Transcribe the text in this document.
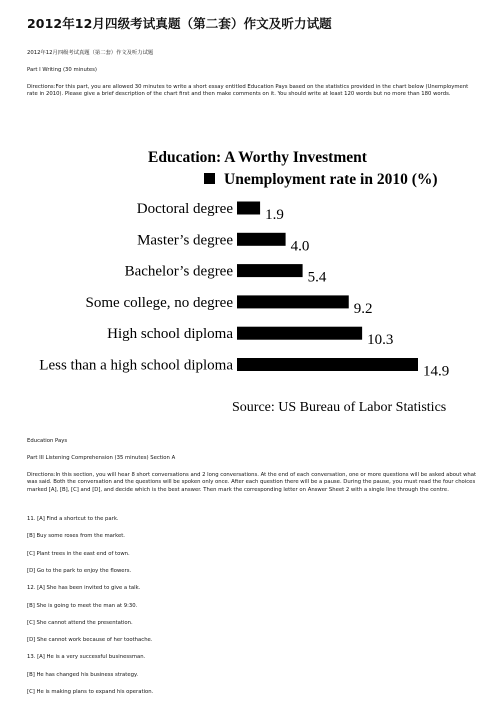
2012年12月四级考试真题（第二套）作文及听力试题

2012年12月四级考试真题（第二套）作文及听力试题

Part I Writing (30 minutes)

Directions:For this part, you are allowed 30 minutes to write a short essay entitled Education Pays based on the statistics provided in the chart below (Unemployment rate in 2010). Please give a brief description of the chart first and then make comments on it. You should write at least 120 words but no more than 180 words.

Education: A Worthy Investment
Unemployment rate in 2010 (%)
Doctoral degree 1.9
Master’s degree	4.0
Bachelor’s degree	5.4
Some college, no degree	9.2
High school diploma	10.3
Less than a high school diploma	14.9
Source: US Bureau of Labor Statistics

Education Pays

Part III Listening Comprehension (35 minutes) Section A

Directions:In this section, you will hear 8 short conversations and 2 long conversations. At the end of each conversation, one or more questions will be asked about what was said. Both the conversation and the questions will be spoken only once. After each question there will be a pause. During the pause, you must read the four choices marked [A], [B], [C] and [D], and decide which is the best answer. Then mark the corresponding letter on Answer Sheet 2 with a single line through the centre.

11. [A] Find a shortcut to the park.

[B] Buy some roses from the market.

[C] Plant trees in the east end of town.

[D] Go to the park to enjoy the flowers.

12. [A] She has been invited to give a talk.

[B] She is going to meet the man at 9:30.

[C] She cannot attend the presentation.

[D] She cannot work because of her toothache.

13. [A] He is a very successful businessman.

[B] He has changed his business strategy.

[C] He is making plans to expand his operation.
